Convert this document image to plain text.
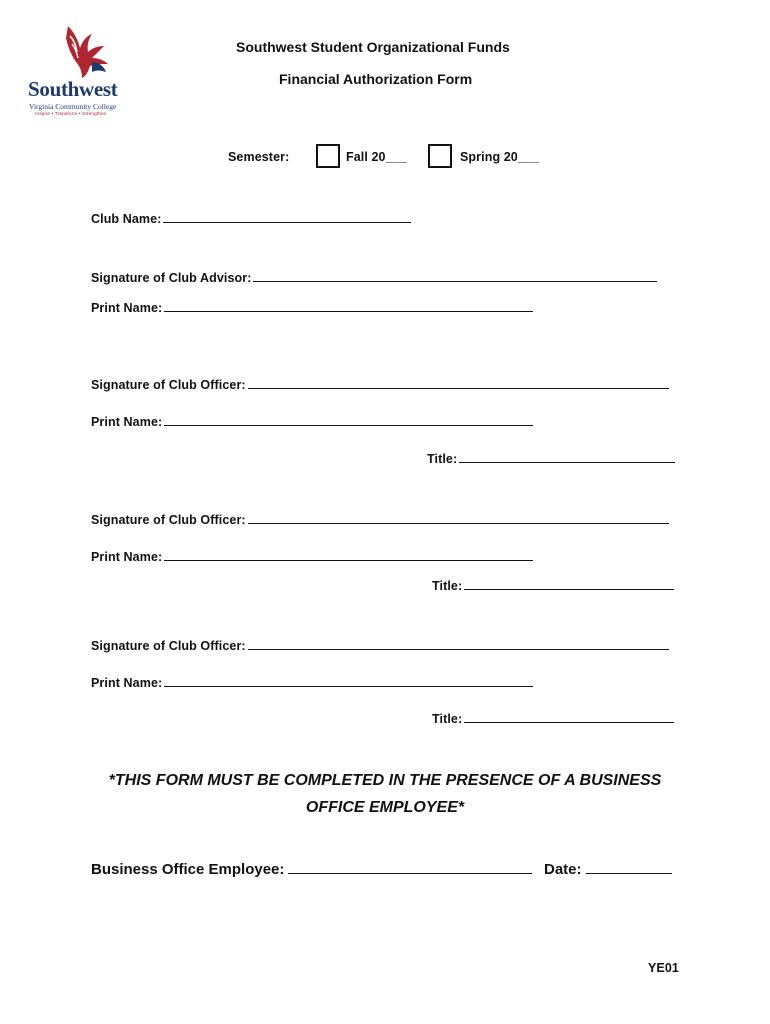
Southwest
Virginia Community College
Inspire • Transform • Strengthen
Southwest Student Organizational Funds
Financial Authorization Form
Semester:	Fall 20___	Spring 20___
Club Name:
Signature of Club Advisor:
Print Name:
Signature of Club Officer:
Print Name:
Title:
Signature of Club Officer:
Print Name:
Title:
Signature of Club Officer:
Print Name:
Title:
*THIS FORM MUST BE COMPLETED IN THE PRESENCE OF A BUSINESS
OFFICE EMPLOYEE*
Business Office Employee:	Date:
YE01
